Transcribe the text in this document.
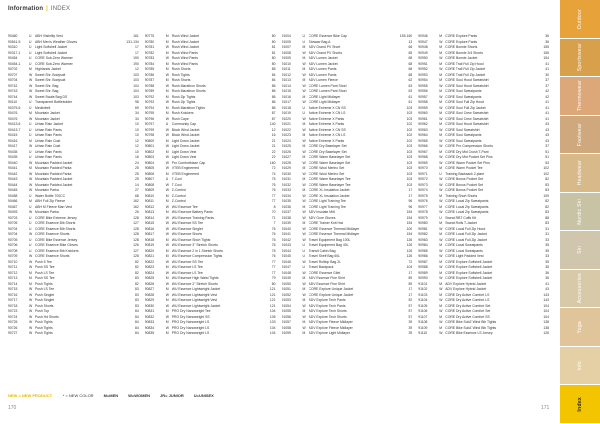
Information | INDEX
90460	U	ABH Visibility Vest	161
90541-5	U	ABH Men's Weather Gloves	131-134
90310	U	Light Softshell Jacket	17
90317-1	U	Light Softshell Jacket	17
90454	U	CORE Sub-Zero Warmer	190
90454-1	U	CORE Sub-Zero Warmer	190
90702	M Highlands Jacket	12
90707	W Sweet Shr. Bodysuit	103
90704	W Sweet Shr. Bodysuit	103
90742	W Sweet Shr. Bag	104
90743	W Sweet Shr. Bag	104
90744	W Sweet Swale Bag DS	103
90110	U	Transparent Bottlebolder	98
90375-6	U	Medicibelt	69
90476	M Mountain Jacket	34
90476	W Mountain Jacket	34
90413-6	U	Urban Rain Jacket	10
90413-7	U	Urban Rain Pants	10
90415	U	Urban Rain Pants	10
90416	M Urban Rain Coat	12
90417	W Urban Rain Coat	12
90435	U	Urban Rain Pants	10
90435	U	Urban Rain Pants	16
90440	W Mountain Padded Jacket	24
90441	M Mountain Padded Parka	25
90442	W Mountain Padded Parka	25
90443	W Mountain Padded Jacket	25
90444	W Mountain Padded Jacket	14
90445	W Mountain Parka	27
90458	U	Water Bottle 700CC	68
90466	M ABH Full Zip Fleece	162
90467	U	ABH M Fleece Man Vest	162
90493	W Mountain Parka	26
90703	U	CORE Bike Extreme Jersey	128
90705	U	CORE Essence Bib Shorts	127
90704	U	CORE Essence Bib Shorts	128
90704	W CORE Essence Shorts	128
90705	U	CORE Bike Essence Jersey	128
90706	U	CORE Essence Bike Gloves	126
90708	U	CORE Essence Bib Knickers	127
90709	W CORE Essence Shorts	128
90710	W Push 5 Tee	82
90711	W Push SS Tee	82
90712	M Push LS Tee	82
90713	M Push SS Tee	83
90714	M Push Tights	82
90715	W Push LS Tee	83
90716	W Push Singlet	83
90717	W Push Singlet	83
90718	W Push Shorts	83
90723	W Push Top	84
90724	W Push Hd Shorts	84
90725	W Push Tights	84
90726	W Push Tights	84
90727	W Push Tights	84
90775	M Rush Wind Jacket	80
90780	M Rush Wind Jacket	80
90781	W Rush Wind Jacket	81
90782	M Rush Wind Pants	81
90783	W Rush Wind Pants	80
90784	M Rush Wind Pants	80
90785	M Rush Shorts	85
90786	W Rush Tights	84
90787	M Rush Shorts	84
90788	W Rush Marathon Shorts	86
90789	M Rush Marathon Shorts	86
90792	M Rush Zip Tights	86
90793	W Rush Zip Tights	86
90794	M Rush Marathon Tights	86
90795	M Rush Knickers	87
90796	W Rush Cape	87
90797	U	Community Cap	140
90799	W Block Wind Jacket	12
90798	W Block Wind Jacket	16
90800	M Light Down Jacket	21
90801	W Light Down Jacket	21
90802	M Light Down Vest	22
90803	W Light Down Vest	22
90804	W Pro Comfortblaze Cap	160
90805	W VTEB Engineered	72
90806	M VTEB Engineered	74
90807	U	T-Cool	75
90808	W T-Cool	76
90809	W Z-Control	76
90810	M Z-Control	77
90811	M Z-Control	77
90812	W WU Essence Tee	8
90813	M WU Essence Battery Pants	70
90814	W WU Essence Training Pants	71
90815	W WU Essence SS Tee	7
90816	W WU Essence Singlet	76
90817	W WU Essence Shorts	76
90818	M WU Essence Short Tights	76
90819	W WU Essence 3" Stretch Shorts	76
90820	M WU Essence 2 in 1 Stretch Shorts	76
90821	M WU Essence Compression Tights	76
90822	W WU Essence SS Tee	77
90823	M WU Essence LS Tee	77
90824	W WU Essence LS Tee	77
90825	M WU Essence High Waist Tights	79
90826	W WU Essence 2" Stretch Shorts	80
90827	M WU Essence Lightweight Jacket	121
90828	W WU Essence Lightweight Vest	121
90829	M WU Essence Lightweight Vest	121
90830	W WU Essence Lightweight Jacket	121
90831	M PRO Dry Nanoweight Tee	104
90832	W PRO Dry Nanoweight SS	105
90833	M PRO Dry Nanoweight LS	103
90834	W PRO Dry Nanoweight LS	104
90835	M PRO Dry Nanoweight LS	104
91004	U	CORE Essence Bike Cap	155-160
91005	U	Stowaw Bag A	13
91007	M ADV Grand PV Short	66
91008	W ADV Grand PV Shorts	65
91009	M ADV Lumen Jacket	68
91010	W ADV Lumen Jacket	68
91011	M ADV Lumen Pants	68
91012	W ADV Lumen Pants	68
91013	M ADV Lumen Fleece	62
91014	W CORE Lumen Pant Short	63
91015	W CORE Lumen Pant Short	63
91016	M CORE Light Midlayer	61
91017	W CORE Light Midlayer	61
91018	U	Active Extreme X CN SS	103
91019	U	Active Extreme X CN LS	103
91020	W Active Extreme X Pants	103
91021	M Active Extreme X Pants	102
91022	W Active Extreme X CN SS	102
91023	M Active Extreme X CN LS	102
91024	W Active Extreme X Pants	102
91025	M CORE Dry Baselayer Set	103
91026	W CORE Dry Baselayer Set	103
91027	M CORE Warm Baselayer Set	103
91028	W CORE Warm Baselayer Set	103
91029	M CORE Wool Merino Set	103
91030	W CORE Wool Merino Set	103
91031	M CORE Warm Baselayer Tee	103
91032	W CORE Warm Baselayer Tee	103
91033	M CORE XL Insulation Jacket	17
91034	W CORE XL Insulation Jacket	17
91035	W CORE Light Training Tee	96
91036	M CORE Light Training Tee	96
91037	W ADV Insulate Mitt	154
91038	W ADV Gore Gloves	154
91039	M CORE Trainer Knit Hat	154
91040	W CORE Essence Thermal Midlayer	100
91041	W CORE Essence Thermal Midlayer	154
91042	W Travel Equipment Bag 100L	126
91043	U	Travel Equipment Bag 40L	126
91044	U	Transit Cabin Bag	126
91045	U	Travel Shelf Bag 60L	126
91046	W Travel Rolltop Bag 2L	72
91047	U	Travel Backpack	104
91048	W CORE Essence Gilet	17
91049	M ADV Essence Fine Shirt	89
91050	W ADV Essence Fine Shirt	89
91051	M CORE Explore Unique Jacket	17
91052	W CORE Explore Unique Jacket	17
91053	M ADV Explore Tech Pants	52
91054	W ADV Explore Tech Pants	57
91055	M ADV Explore Tech Shorts	57
91056	W ADV Explore Tech Shorts	57
91057	M ADV Explore Fleece Midlayer	39
91058	W ADV Explore Fleece Midlayer	39
91059	M ADV Explore Light Midlayer	39
90946	M CORE Explore Pants	36
90947	W CORE Explore Pants	36
90948	M CORE Bonnie Shorts	155
90949	M CORE Bonnie 3/4 Shorts	155
90950	W CORE Bonnie Jacket	154
90951	M CORE Trail Full Zip Hood	41
90952	W CORE Trail Full Zip Jacket	41
90953	M CORE Trail Full Zip Jacket	30
90954	M CORE Soul Hood Sweatshirt	37
90955	W CORE Soul Hood Sweatshirt	37
90956	M CORE Soul Sweatpants	42
90957	W CORE Soul Sweatpants	42
90958	M CORE Soul Full Zip Hood	41
90959	W CORE Soul Full Zip Jacket	41
90960	M CORE Soul Crew Sweatshirt	41
90961	W CORE Soul Crew Sweatshirt	41
90962	M CORE Soul Hood Sweatshirt	43
90963	W CORE Soul Sweatshirt	43
90964	M CORE Soul Sweatpants	43
90965	W CORE Soul Sweatpants	43
90966	W CORE Pro Compression Shorts	37
90967	M CORE Dry Mid Crush T-Pant	51
90968	W CORE Dry Mid Pocket Set Pins	51
90969	W CORE Warm Pocket Set Pins	53
90970	M CORE Warm Pocket Tee	102
90971	U	Training Backsack 2-plant	102
90972	W CORE Bonus Pocket Set	82
90973	W CORE Bonus Pocket Set	83
90974	W CORE Bonus Pocket Set	83
90975	M Training Short Shorts	109
90976	W CORE Local Zip Sweatpants	82
90977	M CORE Local Zip Sweatpants	82
90978	W CORE Local Zip Sweatpants	83
90979	U	Sweat RBT Cuffs Kit	88
90980	M Sweat Rolls T-Jacket	83
90981	W CORE Local Full Zip Hood	31
90982	M CORE Local Full Zip Jacket	31
90983	W CORE Local Full Zip Jacket	33
90984	M CORE Local Sweatpants	35
90985	W CORE Local Sweatpants	35
90986	W CORE Light Padded Vest	33
90987	M CORE Explore Softshell Jacket	35
90988	W CORE Explore Softshell Jacket	35
90989	M CORE Explore Softshell Jacket	36
90990	W CORE Explore Softshell Jacket	36
91101	M ADV Explore Hybrid Jacket	41
91102	W ADV Explore Hybrid Jacket	43
91103	M CORE Dry Active Comfort LS	143
91104	W CORE Dry Active Comfort LS	143
91105	M CORE Dry Active Comfort Set	104
91106	W CORE Dry Active Comfort Set	104
91107	M CORE Dry Active Comfort SS	104
91108	W CORE Bike SubZ Wind Bib Tights	138
91109	M CORE Bike SubZ Wind Bib Tights	138
91110	W CORE Bike Essence LS Jersey	126
NEW = NEW PRODUCT.	* = NEW COLOR	M=MEN	W=WOMEN	JR= JUNIOR	U=UNISEX
170	171
Outdoor
Sportswear
Thermowear
Footwear
Headwear
Nordic Ski
Ski
Accessories
Yoga
Info
Index
